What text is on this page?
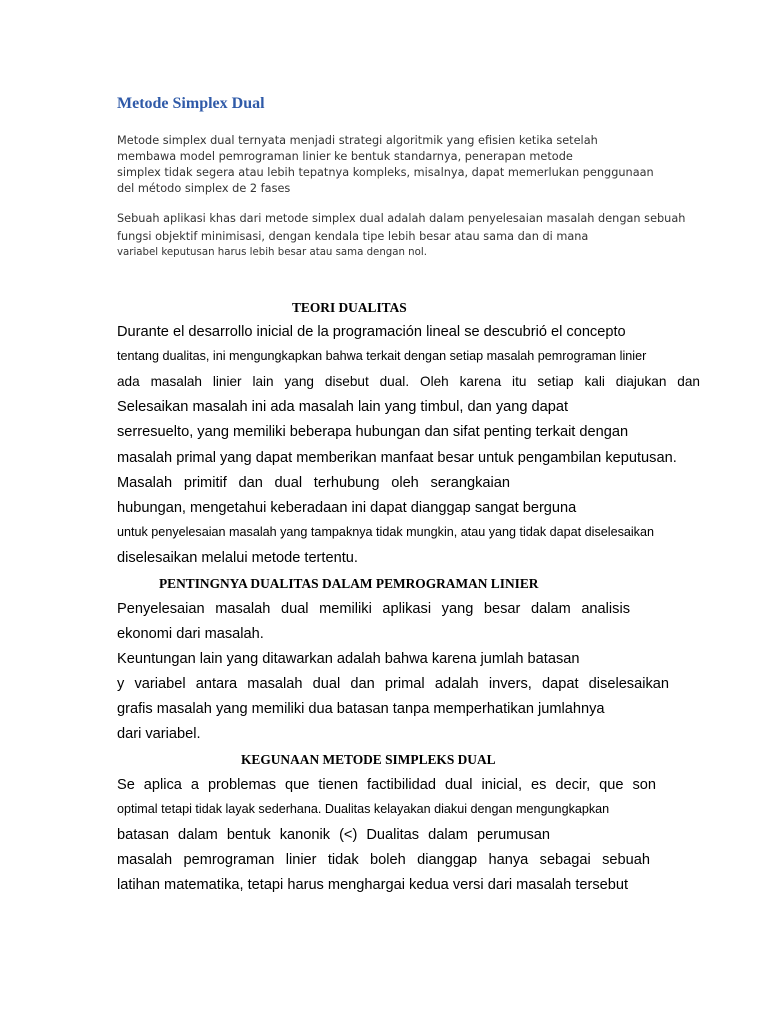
Metode Simplex Dual
Metode simplex dual ternyata menjadi strategi algoritmik yang efisien ketika setelah
membawa model pemrograman linier ke bentuk standarnya, penerapan metode
simplex tidak segera atau lebih tepatnya kompleks, misalnya, dapat memerlukan penggunaan
del método simplex de 2 fases
Sebuah aplikasi khas dari metode simplex dual adalah dalam penyelesaian masalah dengan sebuah
fungsi objektif minimisasi, dengan kendala tipe lebih besar atau sama dan di mana
variabel keputusan harus lebih besar atau sama dengan nol.
TEORI DUALITAS
Durante el desarrollo inicial de la programación lineal se descubrió el concepto
tentang dualitas, ini mengungkapkan bahwa terkait dengan setiap masalah pemrograman linier
ada masalah linier lain yang disebut dual. Oleh karena itu setiap kali diajukan dan
Selesaikan masalah ini ada masalah lain yang timbul, dan yang dapat
serresuelto, yang memiliki beberapa hubungan dan sifat penting terkait dengan
masalah primal yang dapat memberikan manfaat besar untuk pengambilan keputusan.
Masalah primitif dan dual terhubung oleh serangkaian
hubungan, mengetahui keberadaan ini dapat dianggap sangat berguna
untuk penyelesaian masalah yang tampaknya tidak mungkin, atau yang tidak dapat diselesaikan
diselesaikan melalui metode tertentu.
PENTINGNYA DUALITAS DALAM PEMROGRAMAN LINIER
Penyelesaian masalah dual memiliki aplikasi yang besar dalam analisis
ekonomi dari masalah.
Keuntungan lain yang ditawarkan adalah bahwa karena jumlah batasan
y variabel antara masalah dual dan primal adalah invers, dapat diselesaikan
grafis masalah yang memiliki dua batasan tanpa memperhatikan jumlahnya
dari variabel.
KEGUNAAN METODE SIMPLEKS DUAL
Se aplica a problemas que tienen factibilidad dual inicial, es decir, que son
optimal tetapi tidak layak sederhana. Dualitas kelayakan diakui dengan mengungkapkan
batasan dalam bentuk kanonik (<) Dualitas dalam perumusan
masalah pemrograman linier tidak boleh dianggap hanya sebagai sebuah
latihan matematika, tetapi harus menghargai kedua versi dari masalah tersebut
